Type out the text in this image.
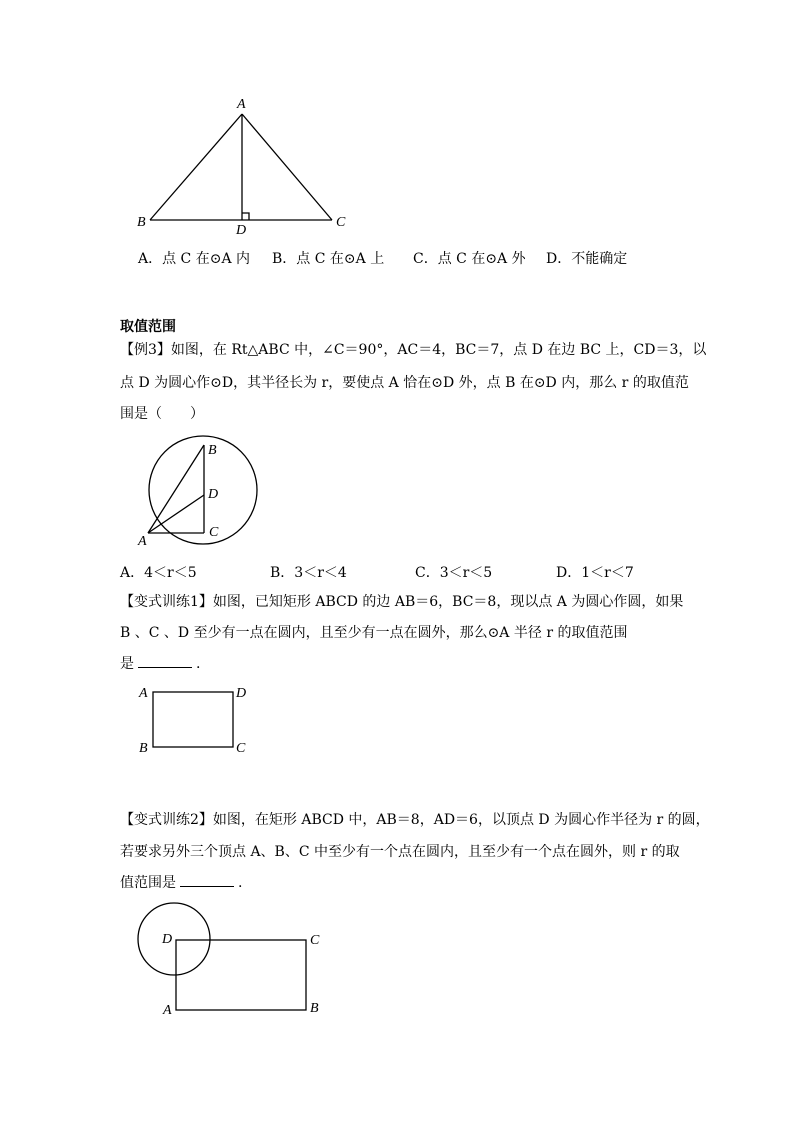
A
B	C
D
A．点 C 在⊙A 内 B．点 C 在⊙A 上 C．点 C 在⊙A 外 D．不能确定
取值范围
【例3】如图，在 Rt△ABC 中，∠C＝90°，AC＝4，BC＝7，点 D 在边 BC 上，CD＝3，以
点 D 为圆心作⊙D，其半径长为 r，要使点 A 恰在⊙D 外，点 B 在⊙D 内，那么 r 的取值范
围是（　　）
B
D
C
A
A．4＜r＜5	B．3＜r＜4	C．3＜r＜5	D．1＜r＜7
【变式训练1】如图，已知矩形 ABCD 的边 AB＝6，BC＝8，现以点 A 为圆心作圆，如果
B 、C 、D 至少有一点在圆内，且至少有一点在圆外，那么⊙A 半径 r 的取值范围
是	.
A	D
B	C
【变式训练2】如图，在矩形 ABCD 中，AB＝8，AD＝6，以顶点 D 为圆心作半径为 r 的圆，
若要求另外三个顶点 A、B、C 中至少有一个点在圆内，且至少有一个点在圆外，则 r 的取
值范围是	.
D	C
A	B
